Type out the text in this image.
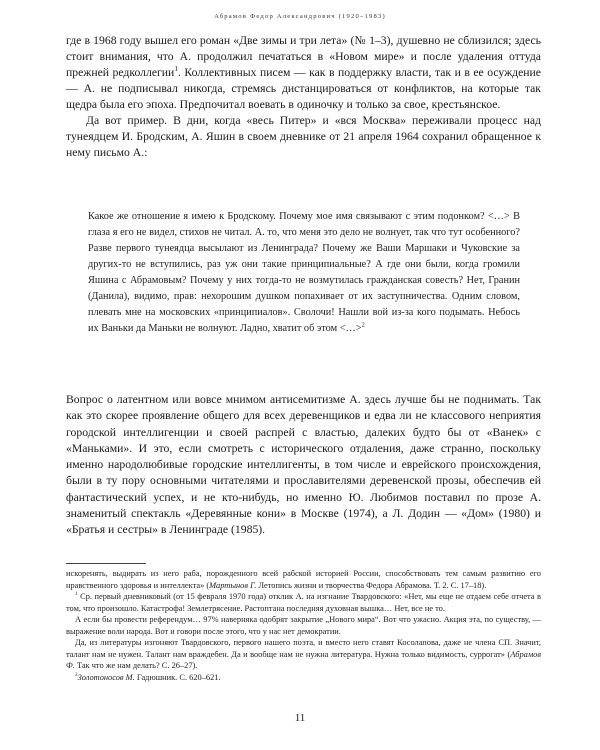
Абрамов Федор Александрович (1920–1983)

где в 1968 году вышел его роман «Две зимы и три лета» (№ 1–3), душевно не сблизился; здесь стоит внимания, что А. продолжил печататься в «Новом мире» и после удаления оттуда прежней редколлегии$^1$. Коллективных писем — как в поддержку власти, так и в ее осуждение — А. не подписывал никогда, стремясь дистанцироваться от конфликтов, на которые так щедра была его эпоха. Предпочитал воевать в одиночку и только за свое, крестьянское.

Да вот пример. В дни, когда «весь Питер» и «вся Москва» переживали процесс над тунеядцем И. Бродским, А. Яшин в своем дневнике от 21 апреля 1964 сохранил обращенное к нему письмо А.:

Какое же отношение я имею к Бродскому. Почему мое имя связывают с этим подонком? <…> В глаза я его не видел, стихов не читал. А. то, что меня это дело не волнует, так что тут особенного? Разве первого тунеядца высылают из Ленинграда? Почему же Ваши Маршаки и Чуковские за других-то не вступились, раз уж они такие принципиальные? А где они были, когда громили Яшина с Абрамовым? Почему у них тогда-то не возмутилась гражданская совесть? Нет, Гранин (Данила), видимо, прав: нехорошим душком попахивает от их заступничества. Одним словом, плевать мне на московских «принципиалов». Сволочи! Нашли вой из-за кого подымать. Небось их Ваньки да Маньки не волнуют. Ладно, хватит об этом <…>$^2$

Вопрос о латентном или вовсе мнимом антисемитизме А. здесь лучше бы не поднимать. Так как это скорее проявление общего для всех деревенщиков и едва ли не классового неприятия городской интеллигенции и своей распрей с властью, далеких будто бы от «Ванек» с «Маньками». И это, если смотреть с исторического отдаления, даже странно, поскольку именно народолюбивые городские интеллигенты, в том числе и еврейского происхождения, были в ту пору основными читателями и прославителями деревенской прозы, обеспечив ей фантастический успех, и не кто-нибудь, но именно Ю. Любимов поставил по прозе А. знаменитый спектакль «Деревянные кони» в Москве (1974), а Л. Додин — «Дом» (1980) и «Братья и сестры» в Ленинграде (1985).

искоренять, выдирать из него раба, порожденного всей рабской историей России, способствовать тем самым развитию его нравственного здоровья и интеллекта» (Мартынов Г. Летопись жизни и творчества Федора Абрамова. Т. 2. С. 17–18).

$^1$ Ср. первый дневниковый (от 15 февраля 1970 года) отклик А. на изгнание Твардовского: «Нет, мы еще не отдаем себе отчета в том, что произошло. Катастрофа! Землетрясение. Растоптана последняя духовная вышка… Нет, все не то.

А если бы провести референдум… 97% наверняка одобрят закрытие „Нового мира“. Вот что ужасно. Акция эта, по существу, — выражение воли народа. Вот и говори после этого, что у нас нет демократии.

Да, из литературы изгоняют Твардовского, первого нашего поэта, и вместо него ставят Косолапова, даже не члена СП. Значит, талант нам не нужен. Талант нам враждебен. Да и вообще нам не нужна литература. Нужна только видимость, суррогат» (Абрамов Ф. Так что же нам делать? С. 26–27).

$^2$Золотоносов М. Гадюшник. С. 620–621.

11
